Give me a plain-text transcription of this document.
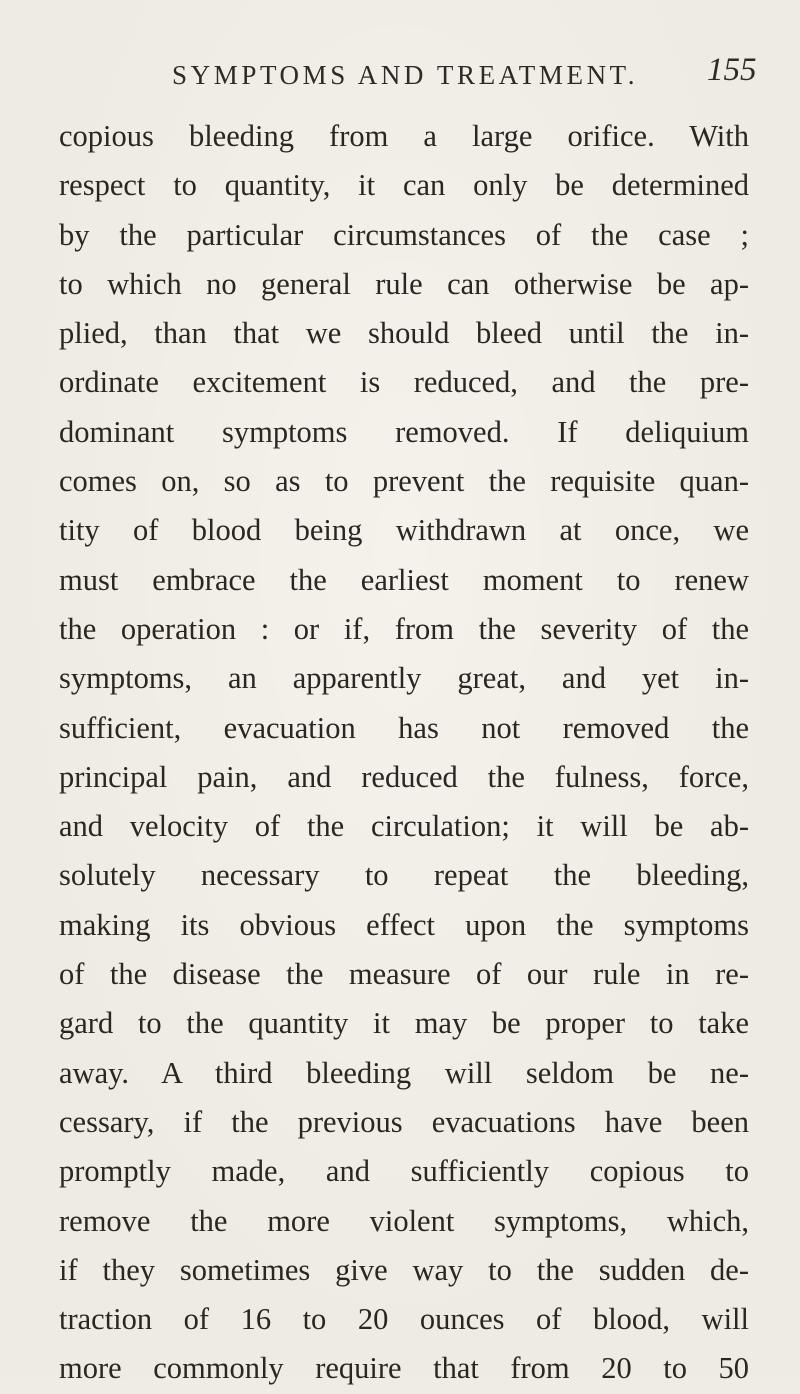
SYMPTOMS AND TREATMENT. 155
copious bleeding from a large orifice. With
respect to quantity, it can only be determined
by the particular circumstances of the case ;
to which no general rule can otherwise be ap-
plied, than that we should bleed until the in-
ordinate excitement is reduced, and the pre-
dominant symptoms removed. If deliquium
comes on, so as to prevent the requisite quan-
tity of blood being withdrawn at once, we
must embrace the earliest moment to renew
the operation : or if, from the severity of the
symptoms, an apparently great, and yet in-
sufficient, evacuation has not removed the
principal pain, and reduced the fulness, force,
and velocity of the circulation; it will be ab-
solutely necessary to repeat the bleeding,
making its obvious effect upon the symptoms
of the disease the measure of our rule in re-
gard to the quantity it may be proper to take
away. A third bleeding will seldom be ne-
cessary, if the previous evacuations have been
promptly made, and sufficiently copious to
remove the more violent symptoms, which,
if they sometimes give way to the sudden de-
traction of 16 to 20 ounces of blood, will
more commonly require that from 20 to 50
